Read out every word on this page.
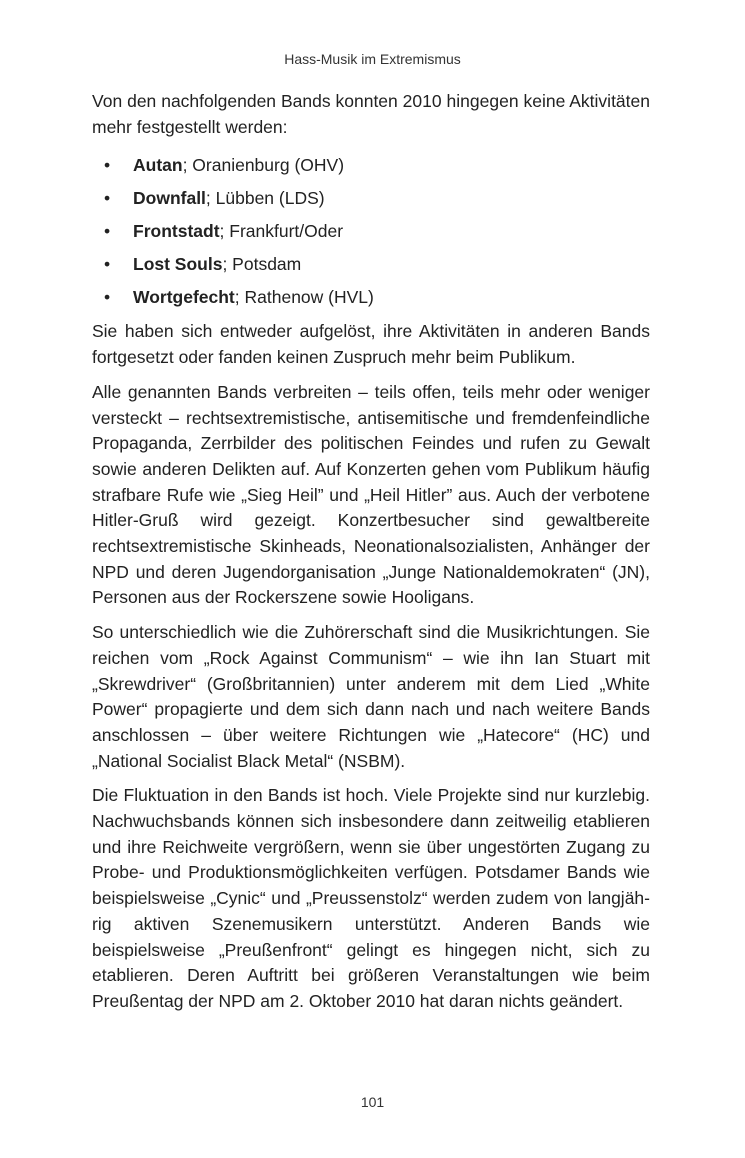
Hass-Musik im Extremismus

Von den nachfolgenden Bands konnten 2010 hingegen keine Aktivitäten mehr festgestellt werden:

• Autan; Oranienburg (OHV)
• Downfall; Lübben (LDS)
• Frontstadt; Frankfurt/Oder
• Lost Souls; Potsdam
• Wortgefecht; Rathenow (HVL)

Sie haben sich entweder aufgelöst, ihre Aktivitäten in anderen Bands fortgesetzt oder fanden keinen Zuspruch mehr beim Publikum.

Alle genannten Bands verbreiten – teils offen, teils mehr oder weniger versteckt – rechtsextremistische, antisemitische und fremdenfeindliche Propaganda, Zerrbilder des politischen Feindes und rufen zu Gewalt sowie anderen Delikten auf. Auf Konzerten gehen vom Publikum häufig strafbare Rufe wie „Sieg Heil” und „Heil Hitler” aus. Auch der verbotene Hitler-Gruß wird gezeigt. Konzertbesucher sind gewaltbereite rechtsextremistische Skinheads, Neonationalsozialisten, Anhänger der NPD und deren Jugendorganisation „Junge Nationaldemokraten“ (JN), Personen aus der Rockerszene sowie Hooligans.

So unterschiedlich wie die Zuhörerschaft sind die Musikrichtungen. Sie reichen vom „Rock Against Communism“ – wie ihn Ian Stuart mit „Skrewdriver“ (Großbritannien) unter anderem mit dem Lied „White Power“ propagierte und dem sich dann nach und nach weitere Bands anschlossen – über weitere Richtungen wie „Hatecore“ (HC) und „National Socialist Black Metal“ (NSBM).

Die Fluktuation in den Bands ist hoch. Viele Projekte sind nur kurzlebig. Nachwuchsbands können sich insbesondere dann zeitweilig etablieren und ihre Reichweite vergrößern, wenn sie über ungestörten Zugang zu Probe- und Produktionsmöglichkeiten verfügen. Potsdamer Bands wie beispielsweise „Cynic“ und „Preussenstolz“ werden zudem von langjährig aktiven Szenemusikern unterstützt. Anderen Bands wie beispielsweise „Preußenfront“ gelingt es hingegen nicht, sich zu etablieren. Deren Auftritt bei größeren Veranstaltungen wie beim Preußentag der NPD am 2. Oktober 2010 hat daran nichts geändert.

101
